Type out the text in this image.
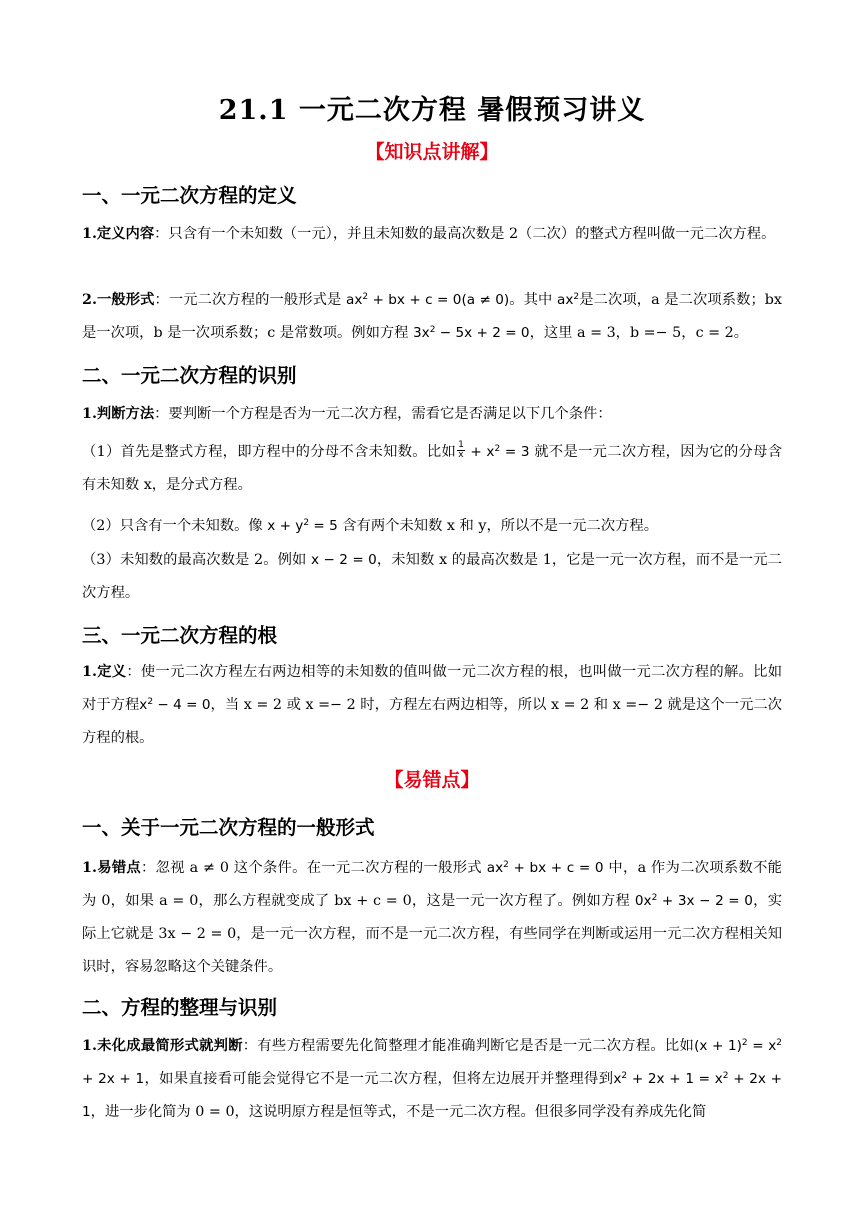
21.1 一元二次方程 暑假预习讲义
【知识点讲解】
一、一元二次方程的定义
1.定义内容：只含有一个未知数（一元），并且未知数的最高次数是 2（二次）的整式方程叫做一元二次方程。
2.一般形式：一元二次方程的一般形式是 $ax^2$ + bx + c = 0(a ≠ 0)。其中 $ax^2$是二次项，a 是二次项系数；bx 是一次项，b 是一次项系数；c 是常数项。例如方程 $3x^2 - 5x + 2 = 0$，这里 a = 3，b =− 5，c = 2。
二、一元二次方程的识别
1.判断方法：要判断一个方程是否为一元二次方程，需看它是否满足以下几个条件：
（1）首先是整式方程，即方程中的分母不含未知数。比如 $\frac{1}{x} + x^2 = 3$ 就不是一元二次方程，因为它的分母含有未知数 x，是分式方程。
（2）只含有一个未知数。像 $x + y^2 = 5$ 含有两个未知数 x 和 y，所以不是一元二次方程。
（3）未知数的最高次数是 2。例如 x − 2 = 0，未知数 x 的最高次数是 1，它是一元一次方程，而不是一元二次方程。
三、一元二次方程的根
1.定义：使一元二次方程左右两边相等的未知数的值叫做一元二次方程的根，也叫做一元二次方程的解。比如对于方程$x^2 - 4 = 0$，当 x = 2 或 x =− 2 时，方程左右两边相等，所以 x = 2 和 x =− 2 就是这个一元二次方程的根。
【易错点】
一、关于一元二次方程的一般形式
1.易错点：忽视 a ≠ 0 这个条件。在一元二次方程的一般形式 $ax^2$ + bx + c = 0 中，a 作为二次项系数不能为 0，如果 a = 0，那么方程就变成了 bx + c = 0，这是一元一次方程了。例如方程 $0x^2 + 3x - 2 = 0$，实际上它就是 3x − 2 = 0，是一元一次方程，而不是一元二次方程，有些同学在判断或运用一元二次方程相关知识时，容易忽略这个关键条件。
二、方程的整理与识别
1.未化成最简形式就判断：有些方程需要先化简整理才能准确判断它是否是一元二次方程。比如$(x + 1)^2 = x^2 + 2x + 1$，如果直接看可能会觉得它不是一元二次方程，但将左边展开并整理得到$x^2 + 2x + 1 = x^2 + 2x + 1$，进一步化简为 0 = 0，这说明原方程是恒等式，不是一元二次方程。但很多同学没有养成先化简
